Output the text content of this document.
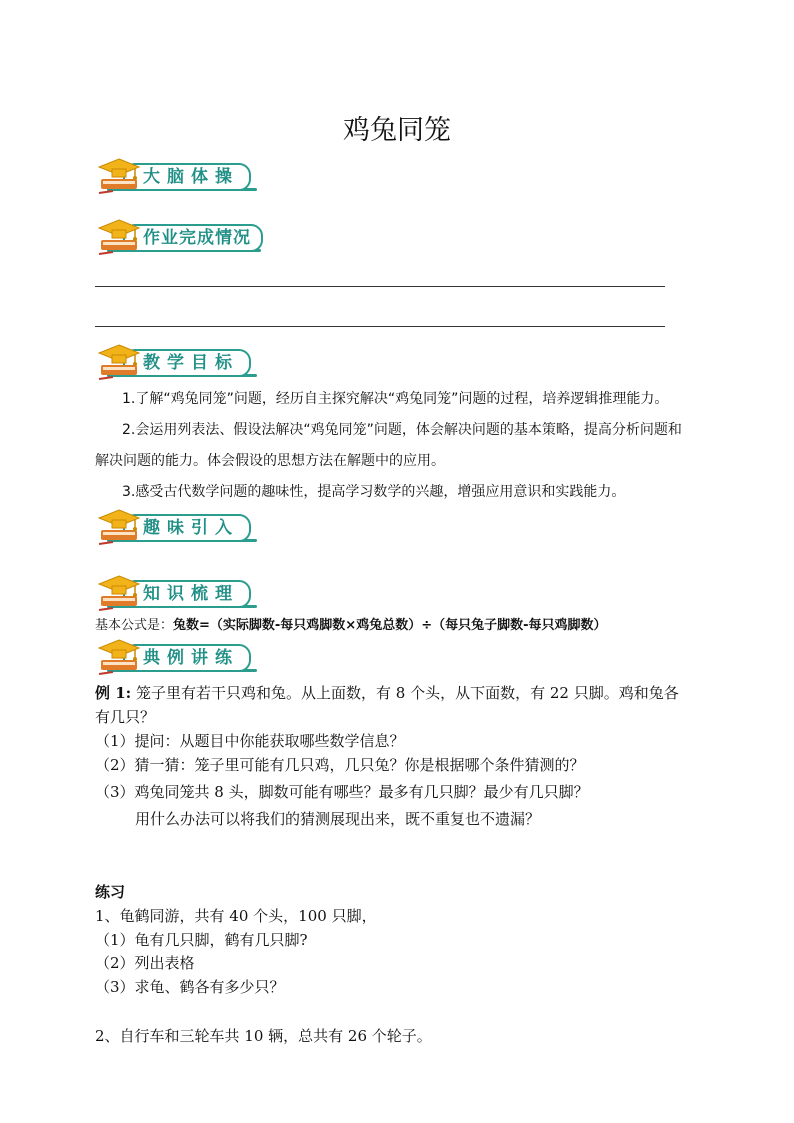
鸡兔同笼
大脑体操
作业完成情况
教学目标
1.了解“鸡兔同笼”问题，经历自主探究解决“鸡兔同笼”问题的过程，培养逻辑推理能力。
2.会运用列表法、假设法解决“鸡兔同笼”问题，体会解决问题的基本策略，提高分析问题和
解决问题的能力。体会假设的思想方法在解题中的应用。
3.感受古代数学问题的趣味性，提高学习数学的兴趣，增强应用意识和实践能力。
趣味引入
知识梳理
基本公式是：兔数=（实际脚数-每只鸡脚数×鸡兔总数）÷（每只兔子脚数-每只鸡脚数）
典例讲练
例 1: 笼子里有若干只鸡和兔。从上面数，有 8 个头，从下面数，有 22 只脚。鸡和兔各
有几只？
（1）提问：从题目中你能获取哪些数学信息？
（2）猜一猜：笼子里可能有几只鸡，几只兔？你是根据哪个条件猜测的？
（3）鸡兔同笼共 8 头，脚数可能有哪些？最多有几只脚？最少有几只脚？
用什么办法可以将我们的猜测展现出来，既不重复也不遗漏？
练习
1、龟鹤同游，共有 40 个头，100 只脚，
（1）龟有几只脚，鹤有几只脚?
（2）列出表格
（3）求龟、鹤各有多少只？
2、自行车和三轮车共 10 辆，总共有 26 个轮子。
